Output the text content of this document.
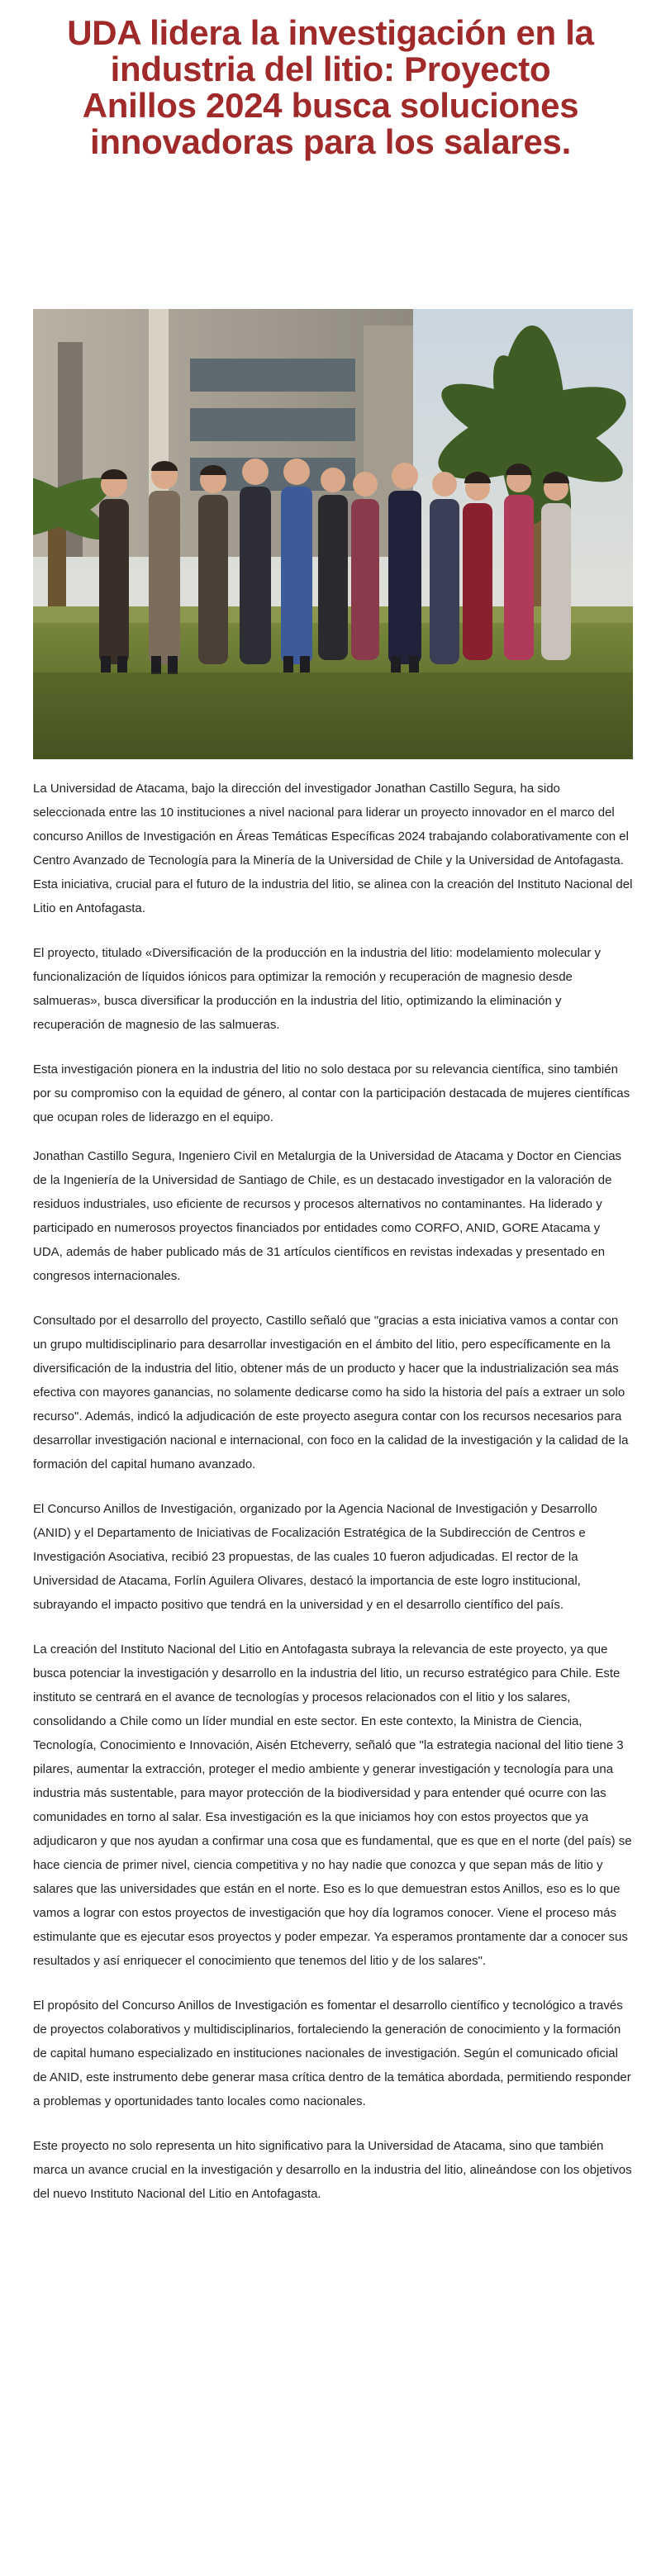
UDA lidera la investigación en la industria del litio: Proyecto Anillos 2024 busca soluciones innovadoras para los salares.

La Universidad de Atacama, bajo la dirección del investigador Jonathan Castillo Segura, ha sido seleccionada entre las 10 instituciones a nivel nacional para liderar un proyecto innovador en el marco del concurso Anillos de Investigación en Áreas Temáticas Específicas 2024 trabajando colaborativamente con el Centro Avanzado de Tecnología para la Minería de la Universidad de Chile y la Universidad de Antofagasta. Esta iniciativa, crucial para el futuro de la industria del litio, se alinea con la creación del Instituto Nacional del Litio en Antofagasta.

El proyecto, titulado «Diversificación de la producción en la industria del litio: modelamiento molecular y funcionalización de líquidos iónicos para optimizar la remoción y recuperación de magnesio desde salmueras», busca diversificar la producción en la industria del litio, optimizando la eliminación y recuperación de magnesio de las salmueras.

Esta investigación pionera en la industria del litio no solo destaca por su relevancia científica, sino también por su compromiso con la equidad de género, al contar con la participación destacada de mujeres científicas que ocupan roles de liderazgo en el equipo.

Jonathan Castillo Segura, Ingeniero Civil en Metalurgia de la Universidad de Atacama y Doctor en Ciencias de la Ingeniería de la Universidad de Santiago de Chile, es un destacado investigador en la valoración de residuos industriales, uso eficiente de recursos y procesos alternativos no contaminantes. Ha liderado y participado en numerosos proyectos financiados por entidades como CORFO, ANID, GORE Atacama y UDA, además de haber publicado más de 31 artículos científicos en revistas indexadas y presentado en congresos internacionales.

Consultado por el desarrollo del proyecto, Castillo señaló que "gracias a esta iniciativa vamos a contar con un grupo multidisciplinario para desarrollar investigación en el ámbito del litio, pero específicamente en la diversificación de la industria del litio, obtener más de un producto y hacer que la industrialización sea más efectiva con mayores ganancias, no solamente dedicarse como ha sido la historia del país a extraer un solo recurso". Además, indicó la adjudicación de este proyecto asegura contar con los recursos necesarios para desarrollar investigación nacional e internacional, con foco en la calidad de la investigación y la calidad de la formación del capital humano avanzado.

El Concurso Anillos de Investigación, organizado por la Agencia Nacional de Investigación y Desarrollo (ANID) y el Departamento de Iniciativas de Focalización Estratégica de la Subdirección de Centros e Investigación Asociativa, recibió 23 propuestas, de las cuales 10 fueron adjudicadas. El rector de la Universidad de Atacama, Forlín Aguilera Olivares, destacó la importancia de este logro institucional, subrayando el impacto positivo que tendrá en la universidad y en el desarrollo científico del país.

La creación del Instituto Nacional del Litio en Antofagasta subraya la relevancia de este proyecto, ya que busca potenciar la investigación y desarrollo en la industria del litio, un recurso estratégico para Chile. Este instituto se centrará en el avance de tecnologías y procesos relacionados con el litio y los salares, consolidando a Chile como un líder mundial en este sector. En este contexto, la Ministra de Ciencia, Tecnología, Conocimiento e Innovación, Aisén Etcheverry, señaló que "la estrategia nacional del litio tiene 3 pilares, aumentar la extracción, proteger el medio ambiente y generar investigación y tecnología para una industria más sustentable, para mayor protección de la biodiversidad y para entender qué ocurre con las comunidades en torno al salar. Esa investigación es la que iniciamos hoy con estos proyectos que ya adjudicaron y que nos ayudan a confirmar una cosa que es fundamental, que es que en el norte (del país) se hace ciencia de primer nivel, ciencia competitiva y no hay nadie que conozca y que sepan más de litio y salares que las universidades que están en el norte. Eso es lo que demuestran estos Anillos, eso es lo que vamos a lograr con estos proyectos de investigación que hoy día logramos conocer. Viene el proceso más estimulante que es ejecutar esos proyectos y poder empezar. Ya esperamos prontamente dar a conocer sus resultados y así enriquecer el conocimiento que tenemos del litio y de los salares".

El propósito del Concurso Anillos de Investigación es fomentar el desarrollo científico y tecnológico a través de proyectos colaborativos y multidisciplinarios, fortaleciendo la generación de conocimiento y la formación de capital humano especializado en instituciones nacionales de investigación. Según el comunicado oficial de ANID, este instrumento debe generar masa crítica dentro de la temática abordada, permitiendo responder a problemas y oportunidades tanto locales como nacionales.

Este proyecto no solo representa un hito significativo para la Universidad de Atacama, sino que también marca un avance crucial en la investigación y desarrollo en la industria del litio, alineándose con los objetivos del nuevo Instituto Nacional del Litio en Antofagasta.
